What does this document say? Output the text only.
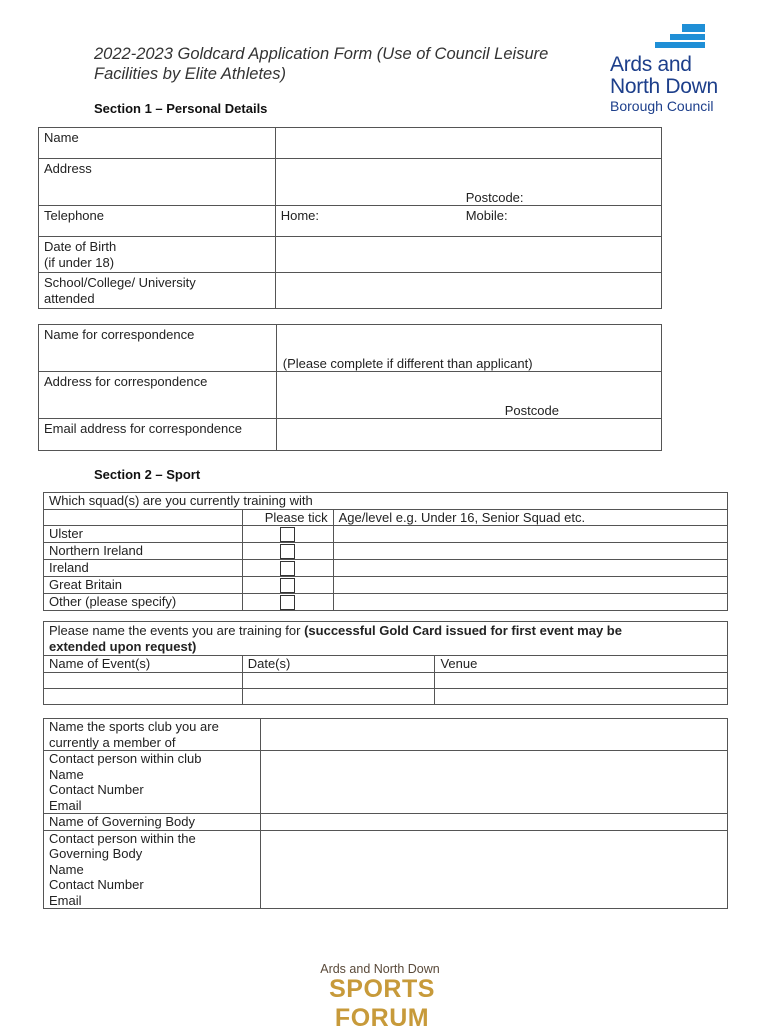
2022-2023 Goldcard Application Form (Use of Council Leisure
Facilities by Elite Athletes)	Ards and
North Down
Borough Council
Section 1 – Personal Details
Name	
Address	Postcode:

Telephone	Home: Mobile:

Date of Birth
(if under 18)	

School/College/ University
attended	

Name for correspondence	(Please complete if different than applicant)

Address for correspondence	Postcode

Email address for correspondence	
Section 2 – Sport
Which squad(s) are you currently training with		
	Please tick	Age/level e.g. Under 16, Senior Squad etc.
Ulster		
Northern Ireland		
Ireland		
Great Britain		
Other (please specify)		
Please name the events you are training for (successful Gold Card issued for first event may be
extended upon request)		
Name of Event(s)	Date(s)	Venue

Name the sports club you are
currently a member of	

Contact person within club
Name
Contact Number
Email	

Name of Governing Body	

Contact person within the
Governing Body
Name
Contact Number
Email	

Ards and North Down
SPORTS FORUM
